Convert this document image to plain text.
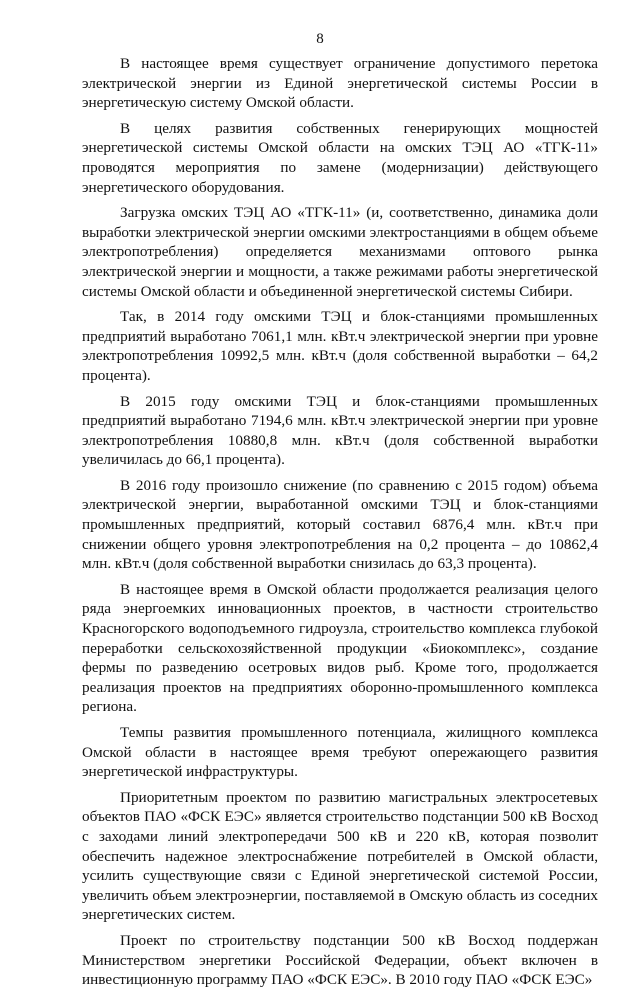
8

В настоящее время существует ограничение допустимого перетока электрической энергии из Единой энергетической системы России в энергетическую систему Омской области.

В целях развития собственных генерирующих мощностей энергетической системы Омской области на омских ТЭЦ АО «ТГК-11» проводятся мероприятия по замене (модернизации) действующего энергетического оборудования.

Загрузка омских ТЭЦ АО «ТГК-11» (и, соответственно, динамика доли выработки электрической энергии омскими электростанциями в общем объеме электропотребления) определяется механизмами оптового рынка электрической энергии и мощности, а также режимами работы энергетической системы Омской области и объединенной энергетической системы Сибири.

Так, в 2014 году омскими ТЭЦ и блок-станциями промышленных предприятий выработано 7061,1 млн. кВт.ч электрической энергии при уровне электропотребления 10992,5 млн. кВт.ч (доля собственной выработки – 64,2 процента).

В 2015 году омскими ТЭЦ и блок-станциями промышленных предприятий выработано 7194,6 млн. кВт.ч электрической энергии при уровне электропотребления 10880,8 млн. кВт.ч (доля собственной выработки увеличилась до 66,1 процента).

В 2016 году произошло снижение (по сравнению с 2015 годом) объема электрической энергии, выработанной омскими ТЭЦ и блок-станциями промышленных предприятий, который составил 6876,4 млн. кВт.ч при снижении общего уровня электропотребления на 0,2 процента – до 10862,4 млн. кВт.ч (доля собственной выработки снизилась до 63,3 процента).

В настоящее время в Омской области продолжается реализация целого ряда энергоемких инновационных проектов, в частности строительство Красногорского водоподъемного гидроузла, строительство комплекса глубокой переработки сельскохозяйственной продукции «Биокомплекс», создание фермы по разведению осетровых видов рыб. Кроме того, продолжается реализация проектов на предприятиях оборонно-промышленного комплекса региона.

Темпы развития промышленного потенциала, жилищного комплекса Омской области в настоящее время требуют опережающего развития энергетической инфраструктуры.

Приоритетным проектом по развитию магистральных электросетевых объектов ПАО «ФСК ЕЭС» является строительство подстанции 500 кВ Восход с заходами линий электропередачи 500 кВ и 220 кВ, которая позволит обеспечить надежное электроснабжение потребителей в Омской области, усилить существующие связи с Единой энергетической системой России, увеличить объем электроэнергии, поставляемой в Омскую область из соседних энергетических систем.

Проект по строительству подстанции 500 кВ Восход поддержан Министерством энергетики Российской Федерации, объект включен в инвестиционную программу ПАО «ФСК ЕЭС». В 2010 году ПАО «ФСК ЕЭС»
